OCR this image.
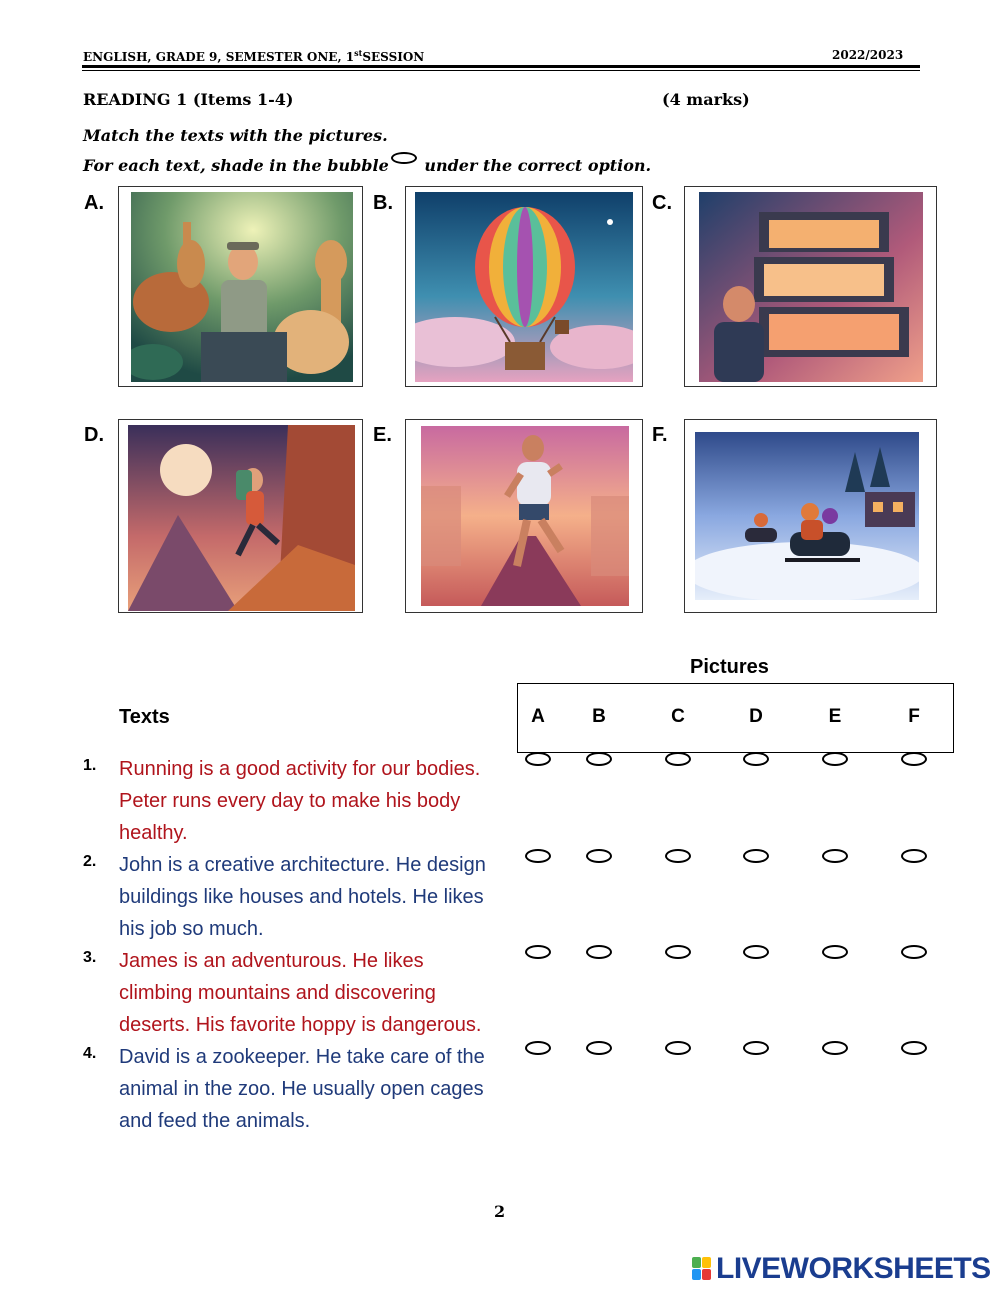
ENGLISH, GRADE 9, SEMESTER ONE, 1stSESSION	2022/2023
READING 1 (Items 1-4)	(4 marks)
Match the texts with the pictures.
For each text, shade in the bubble under the correct option.
A.	B.	C.
D.	E.	F.
Pictures
Texts	A	B	C	D	E	F
1. Running is a good activity for our bodies.
Peter runs every day to make his body
healthy.
2. John is a creative architecture. He design
buildings like houses and hotels. He likes
his job so much.
3. James is an adventurous. He likes
climbing mountains and discovering
deserts. His favorite hoppy is dangerous.
4. David is a zookeeper. He take care of the
animal in the zoo. He usually open cages
and feed the animals.
2
LIVEWORKSHEETS
